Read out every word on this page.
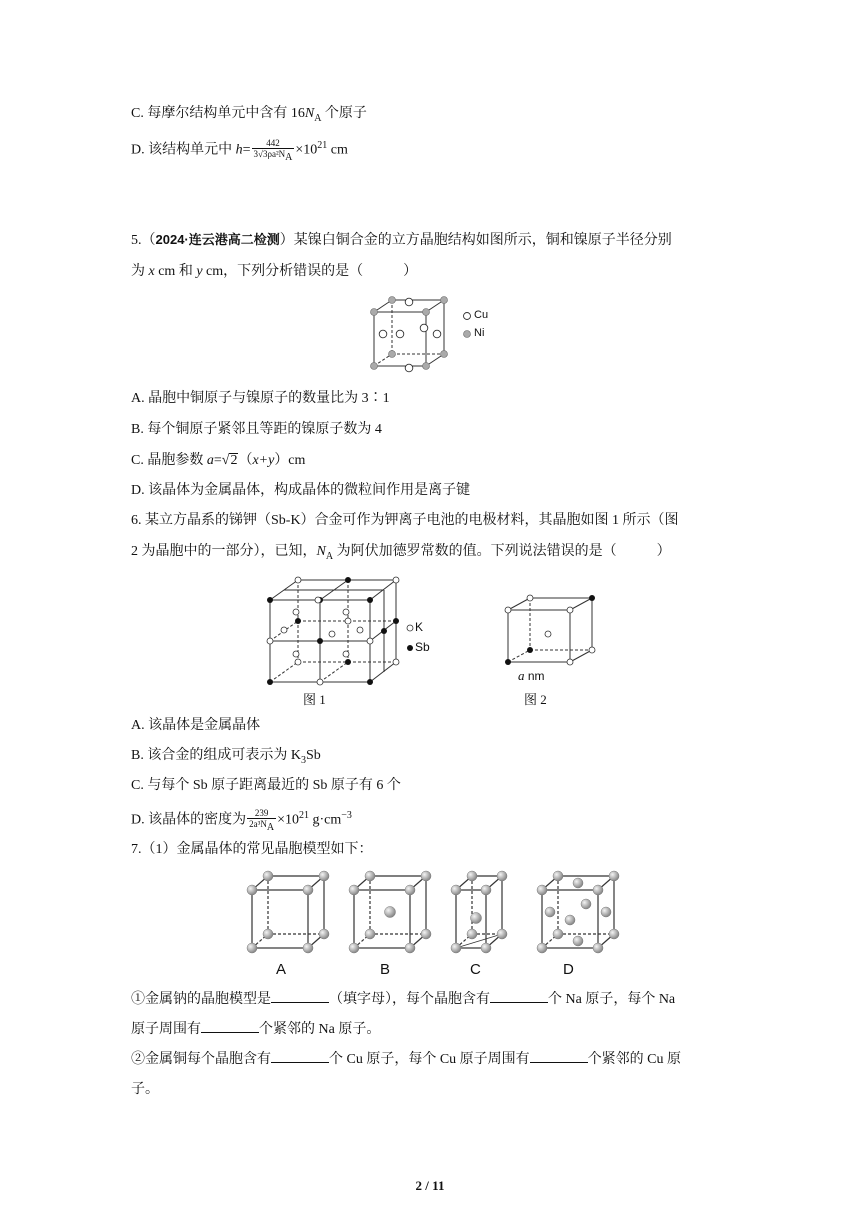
C. 每摩尔结构单元中含有 $16N_A$ 个原子
D. 该结构单元中 $h= \frac{442}{3√3\rho a^2N_A} \times 10^{21}$ cm
5.（2024·连云港高二检测）某镍白铜合金的立方晶胞结构如图所示，铜和镍原子半径分别
为 x cm 和 y cm，下列分析错误的是（	）
Cu
Ni
A. 晶胞中铜原子与镍原子的数量比为 3∶1
B. 每个铜原子紧邻且等距的镍原子数为 4
C. 晶胞参数 a=√2（x+y）cm
D. 该晶体为金属晶体，构成晶体的微粒间作用是离子键
6. 某立方晶系的锑钾（Sb-K）合金可作为钾离子电池的电极材料，其晶胞如图 1 所示（图
2 为晶胞中的一部分），已知，$N_A$ 为阿伏加德罗常数的值。下列说法错误的是（	）
K
Sb
图 1
a nm
图 2
A. 该晶体是金属晶体
B. 该合金的组成可表示为 $K_3Sb$
C. 与每个 Sb 原子距离最近的 Sb 原子有 6 个
D. 该晶体的密度为 $\frac{239}{2a^3N_A} \times 10^{21}$ $g\cdot cm^{-3}$
7.（1）金属晶体的常见晶胞模型如下：
A	B	C	D
①金属钠的晶胞模型是	（填字母），每个晶胞含有	个 Na 原子，每个 Na
原子周围有	个紧邻的 Na 原子。
②金属铜每个晶胞含有	个 Cu 原子，每个 Cu 原子周围有	个紧邻的 Cu 原
子。
2 / 11
